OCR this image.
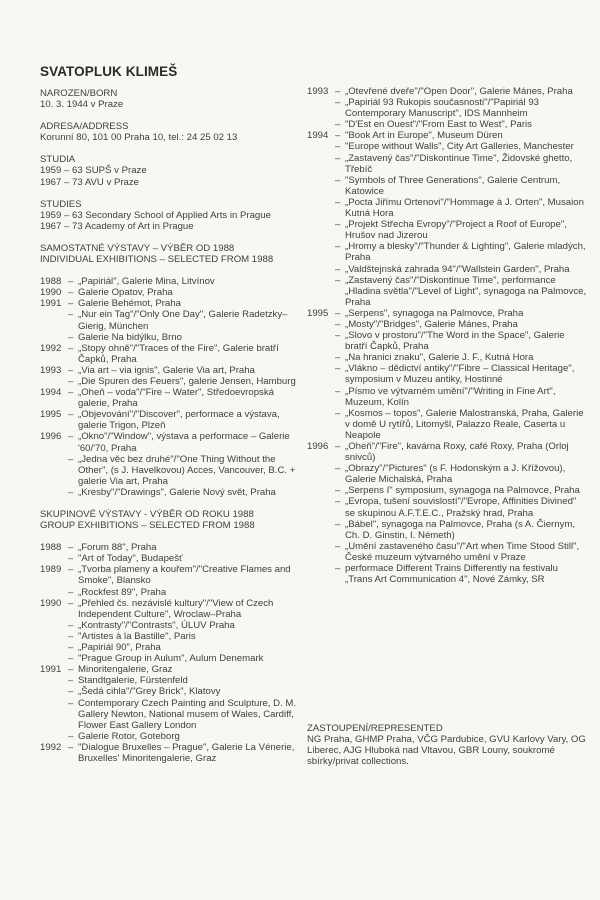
SVATOPLUK KLIMEŠ
NAROZEN/BORN
10. 3. 1944 v Praze
ADRESA/ADDRESS
Korunní 80, 101 00 Praha 10, tel.: 24 25 02 13
STUDIA
1959 – 63 SUPŠ v Praze
1967 – 73 AVU v Praze
STUDIES
1959 – 63 Secondary School of Applied Arts in Prague
1967 – 73 Academy of Art in Prague
SAMOSTATNÉ VÝSTAVY – VÝBĚR OD 1988
INDIVIDUAL EXHIBITIONS – SELECTED FROM 1988
1988 – „Papiriál", Galerie Mina, Litvínov
1990 – Galerie Opatov, Praha
1991 – Galerie Behémot, Praha
– „Nur ein Tag"/"Only One Day", Galerie Radetzky–Gierig, München
– Galerie Na bidýlku, Brno
1992 – „Stopy ohně"/"Traces of the Fire", Galerie bratří Čapků, Praha
1993 – „Via art – via ignis", Galerie Via art, Praha
– „Die Spuren des Feuers", galerie Jensen, Hamburg
1994 – „Oheň – voda"/"Fire – Water", Středoevropská galerie, Praha
1995 – „Objevování"/"Discover", performace a výstava, galerie Trigon, Plzeň
1996 – „Okno"/"Window", výstava a performace – Galerie '60/'70, Praha
– „Jedna věc bez druhé"/"One Thing Without the Other", (s J. Havelkovou) Acces, Vancouver, B.C. + galerie Via art, Praha
– „Kresby"/"Drawings", Galerie Nový svět, Praha
SKUPINOVÉ VÝSTAVY - VÝBĚR OD ROKU 1988
GROUP EXHIBITIONS – SELECTED FROM 1988
1988 – „Forum 88", Praha
– "Art of Today", Budapešť
1989 – „Tvorba plameny a kouřem"/"Creative Flames and Smoke", Blansko
– „Rockfest 89", Praha
1990 – „Přehled čs. nezávislé kultury"/"View of Czech Independent Culture", Wroclaw–Praha
– „Kontrasty"/"Contrasts", ÚLUV Praha
– "Artistes à la Bastille", Paris
– „Papiriál 90", Praha
– "Prague Group in Aulum", Aulum Denemark
1991 – Minoritengalerie, Graz
– Standtgalerie, Fürstenfeld
– „Šedá cihla"/"Grey Brick", Klatovy
– Contemporary Czech Painting and Sculpture, D. M. Gallery Newton, National musem of Wales, Cardiff, Flower East Gallery London
– Galerie Rotor, Goteborg
1992 – "Dialogue Bruxelles – Prague", Galerie La Vénerie, Bruxelles' Minoritengalerie, Graz
1993 – „Otevřené dveře"/"Open Door", Galerie Mánes, Praha
– „Papiriál 93 Rukopis současnosti"/"Papiriál 93 Contemporary Manuscript", IDS Mannheim
– "D'Est en Ouest"/"From East to West", Paris
1994 – "Book Art in Europe", Museum Düren
– "Europe without Walls", City Art Galleries, Manchester
– „Zastavený čas"/"Diskontinue Time", Židovské ghetto, Třebíč
– "Symbols of Three Generations", Galerie Centrum, Katowice
– „Pocta Jiřímu Ortenovi"/"Hommage à J. Orten", Musaion Kutná Hora
– „Projekt Střecha Evropy"/"Project a Roof of Europe", Hrušov nad Jizerou
– „Hromy a blesky"/"Thunder & Lighting", Galerie mladých, Praha
– „Valdštejnská zahrada 94"/"Wallstein Garden", Praha
– „Zastavený čas"/"Diskontinue Time", performance „Hladina světla"/"Level of Light", synagoga na Palmovce, Praha
1995 – „Serpens", synagoga na Palmovce, Praha
– „Mosty"/"Bridges", Galerie Mánes, Praha
– „Slovo v prostoru"/"The Word in the Space", Galerie bratří Čapků, Praha
– „Na hranici znaku", Galerie J. F., Kutná Hora
– „Vlákno – dědictví antiky"/"Fibre – Classical Heritage", symposium v Muzeu antiky, Hostinné
– „Písmo ve výtvarném umění"/"Writing in Fine Art", Muzeum, Kolín
– „Kosmos – topos", Galerie Malostranská, Praha, Galerie v domě U rytířů, Litomyšl, Palazzo Reale, Caserta u Neapole
1996 – „Oheň"/"Fire", kavárna Roxy, café Roxy, Praha (Orloj snivců)
– „Obrazy"/"Pictures" (s F. Hodonským a J. Křížovou), Galerie Michalská, Praha
– „Serpens I" symposium, synagoga na Palmovce, Praha
– „Evropa, tušení souvislostí"/"Evrope, Affinities Divined" se skupinou A.F.T.E.C., Pražský hrad, Praha
– „Bábel", synagoga na Palmovce, Praha (s A. Čiernym, Ch. D. Ginstin, I. Németh)
– „Umění zastaveného času"/"Art when Time Stood Still", České muzeum výtvarného umění v Praze
– performace Different Trains Differently na festivalu „Trans Art Communication 4", Nové Zámky, SR
ZASTOUPENÍ/REPRESENTED
NG Praha, GHMP Praha, VČG Pardubice, GVU Karlovy Vary, OG Liberec, AJG Hluboká nad Vltavou, GBR Louny, soukromé sbírky/privat collections.
